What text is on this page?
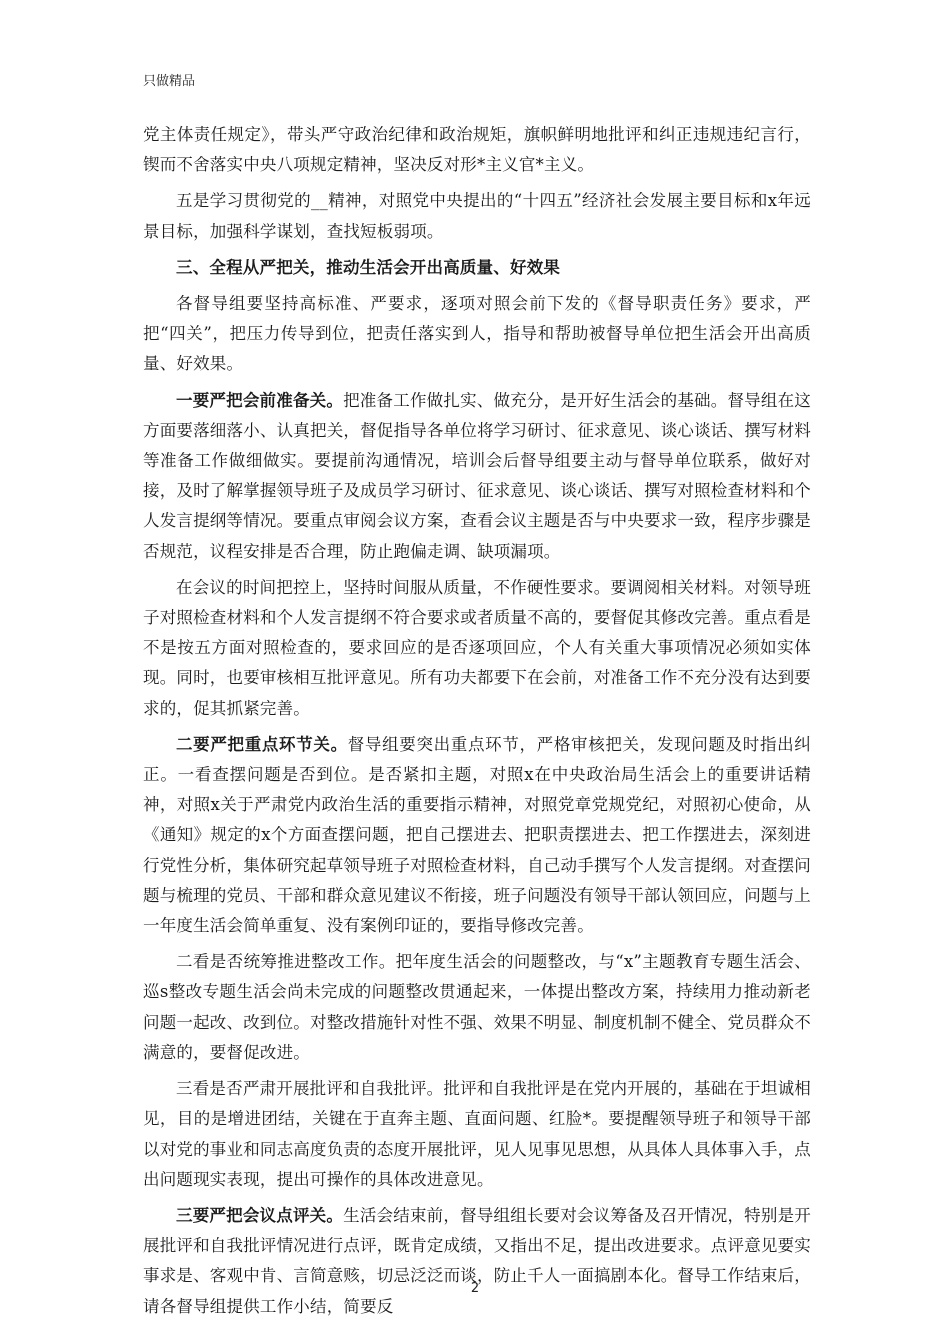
只做精品

党主体责任规定》，带头严守政治纪律和政治规矩，旗帜鲜明地批评和纠正违规违纪言行，锲而不舍落实中央八项规定精神，坚决反对形*主义官*主义。

五是学习贯彻党的__精神，对照党中央提出的“十四五”经济社会发展主要目标和x年远景目标，加强科学谋划，查找短板弱项。

三、全程从严把关，推动生活会开出高质量、好效果

各督导组要坚持高标准、严要求，逐项对照会前下发的《督导职责任务》要求，严把“四关”，把压力传导到位，把责任落实到人，指导和帮助被督导单位把生活会开出高质量、好效果。

一要严把会前准备关。把准备工作做扎实、做充分，是开好生活会的基础。督导组在这方面要落细落小、认真把关，督促指导各单位将学习研讨、征求意见、谈心谈话、撰写材料等准备工作做细做实。要提前沟通情况，培训会后督导组要主动与督导单位联系，做好对接，及时了解掌握领导班子及成员学习研讨、征求意见、谈心谈话、撰写对照检查材料和个人发言提纲等情况。要重点审阅会议方案，查看会议主题是否与中央要求一致，程序步骤是否规范，议程安排是否合理，防止跑偏走调、缺项漏项。

在会议的时间把控上，坚持时间服从质量，不作硬性要求。要调阅相关材料。对领导班子对照检查材料和个人发言提纲不符合要求或者质量不高的，要督促其修改完善。重点看是不是按五方面对照检查的，要求回应的是否逐项回应，个人有关重大事项情况必须如实体现。同时，也要审核相互批评意见。所有功夫都要下在会前，对准备工作不充分没有达到要求的，促其抓紧完善。

二要严把重点环节关。督导组要突出重点环节，严格审核把关，发现问题及时指出纠正。一看查摆问题是否到位。是否紧扣主题，对照x在中央政治局生活会上的重要讲话精神，对照x关于严肃党内政治生活的重要指示精神，对照党章党规党纪，对照初心使命，从《通知》规定的x个方面查摆问题，把自己摆进去、把职责摆进去、把工作摆进去，深刻进行党性分析，集体研究起草领导班子对照检查材料，自己动手撰写个人发言提纲。对查摆问题与梳理的党员、干部和群众意见建议不衔接，班子问题没有领导干部认领回应，问题与上一年度生活会简单重复、没有案例印证的，要指导修改完善。

二看是否统筹推进整改工作。把年度生活会的问题整改，与“x”主题教育专题生活会、巡s整改专题生活会尚未完成的问题整改贯通起来，一体提出整改方案，持续用力推动新老问题一起改、改到位。对整改措施针对性不强、效果不明显、制度机制不健全、党员群众不满意的，要督促改进。

三看是否严肃开展批评和自我批评。批评和自我批评是在党内开展的，基础在于坦诚相见，目的是增进团结，关键在于直奔主题、直面问题、红脸*。要提醒领导班子和领导干部以对党的事业和同志高度负责的态度开展批评，见人见事见思想，从具体人具体事入手，点出问题现实表现，提出可操作的具体改进意见。

三要严把会议点评关。生活会结束前，督导组组长要对会议筹备及召开情况，特别是开展批评和自我批评情况进行点评，既肯定成绩，又指出不足，提出改进要求。点评意见要实事求是、客观中肯、言简意赅，切忌泛泛而谈，防止千人一面搞剧本化。督导工作结束后，请各督导组提供工作小结，简要反

2
